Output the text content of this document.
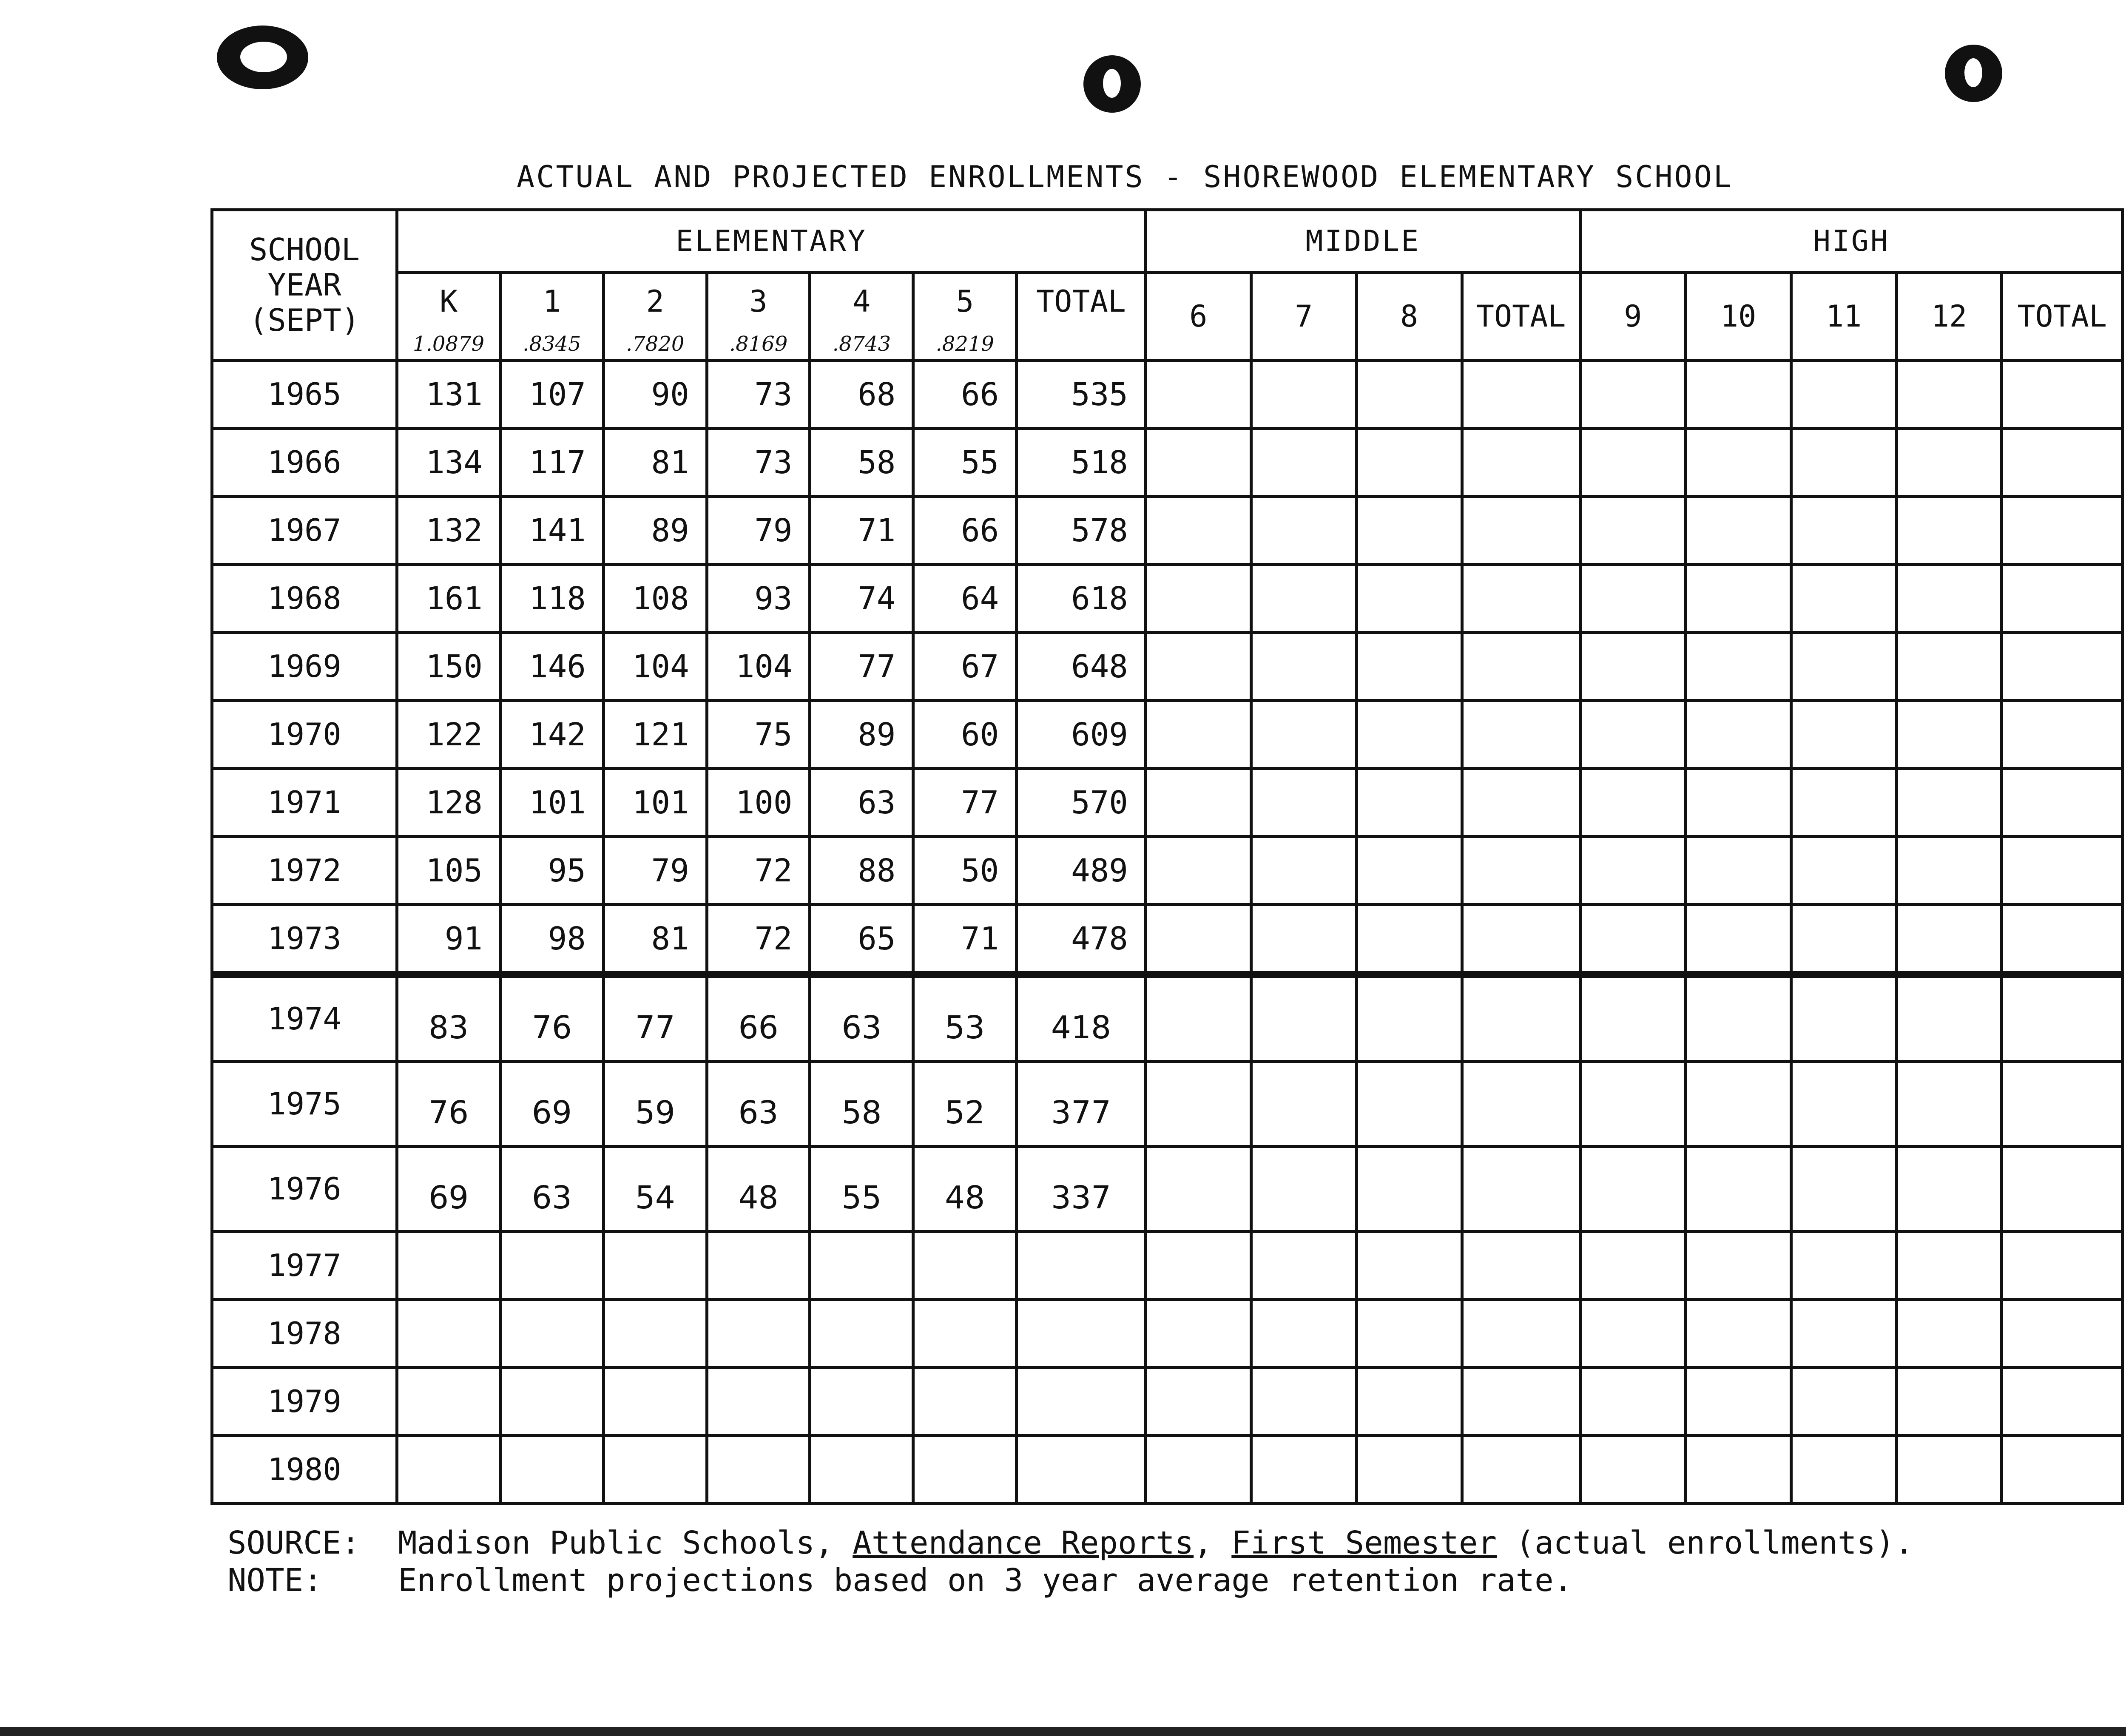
ACTUAL AND PROJECTED ENROLLMENTS - SHOREWOOD ELEMENTARY SCHOOL
SCHOOL
YEAR
(SEPT)	ELEMENTARY							MIDDLE				HIGH				
	K	1	2	3	4	5	TOTAL	6	7	8	TOTAL	9	10	11	12	TOTAL
	1.0879	.8345	.7820	.8169	.8743	.8219										
1965	131	107	90	73	68	66	535									
1966	134	117	81	73	58	55	518									
1967	132	141	89	79	71	66	578									
1968	161	118	108	93	74	64	618									
1969	150	146	104	104	77	67	648									
1970	122	142	121	75	89	60	609									
1971	128	101	101	100	63	77	570									
1972	105	95	79	72	88	50	489									
1973	91	98	81	72	65	71	478									
1974	83	76	77	66	63	53	418									
1975	76	69	59	63	58	52	377									
1976	69	63	54	48	55	48	337									
1977																
1978																
1979																
1980																
SOURCE: Madison Public Schools, Attendance Reports, First Semester (actual enrollments).
NOTE: Enrollment projections based on 3 year average retention rate.
